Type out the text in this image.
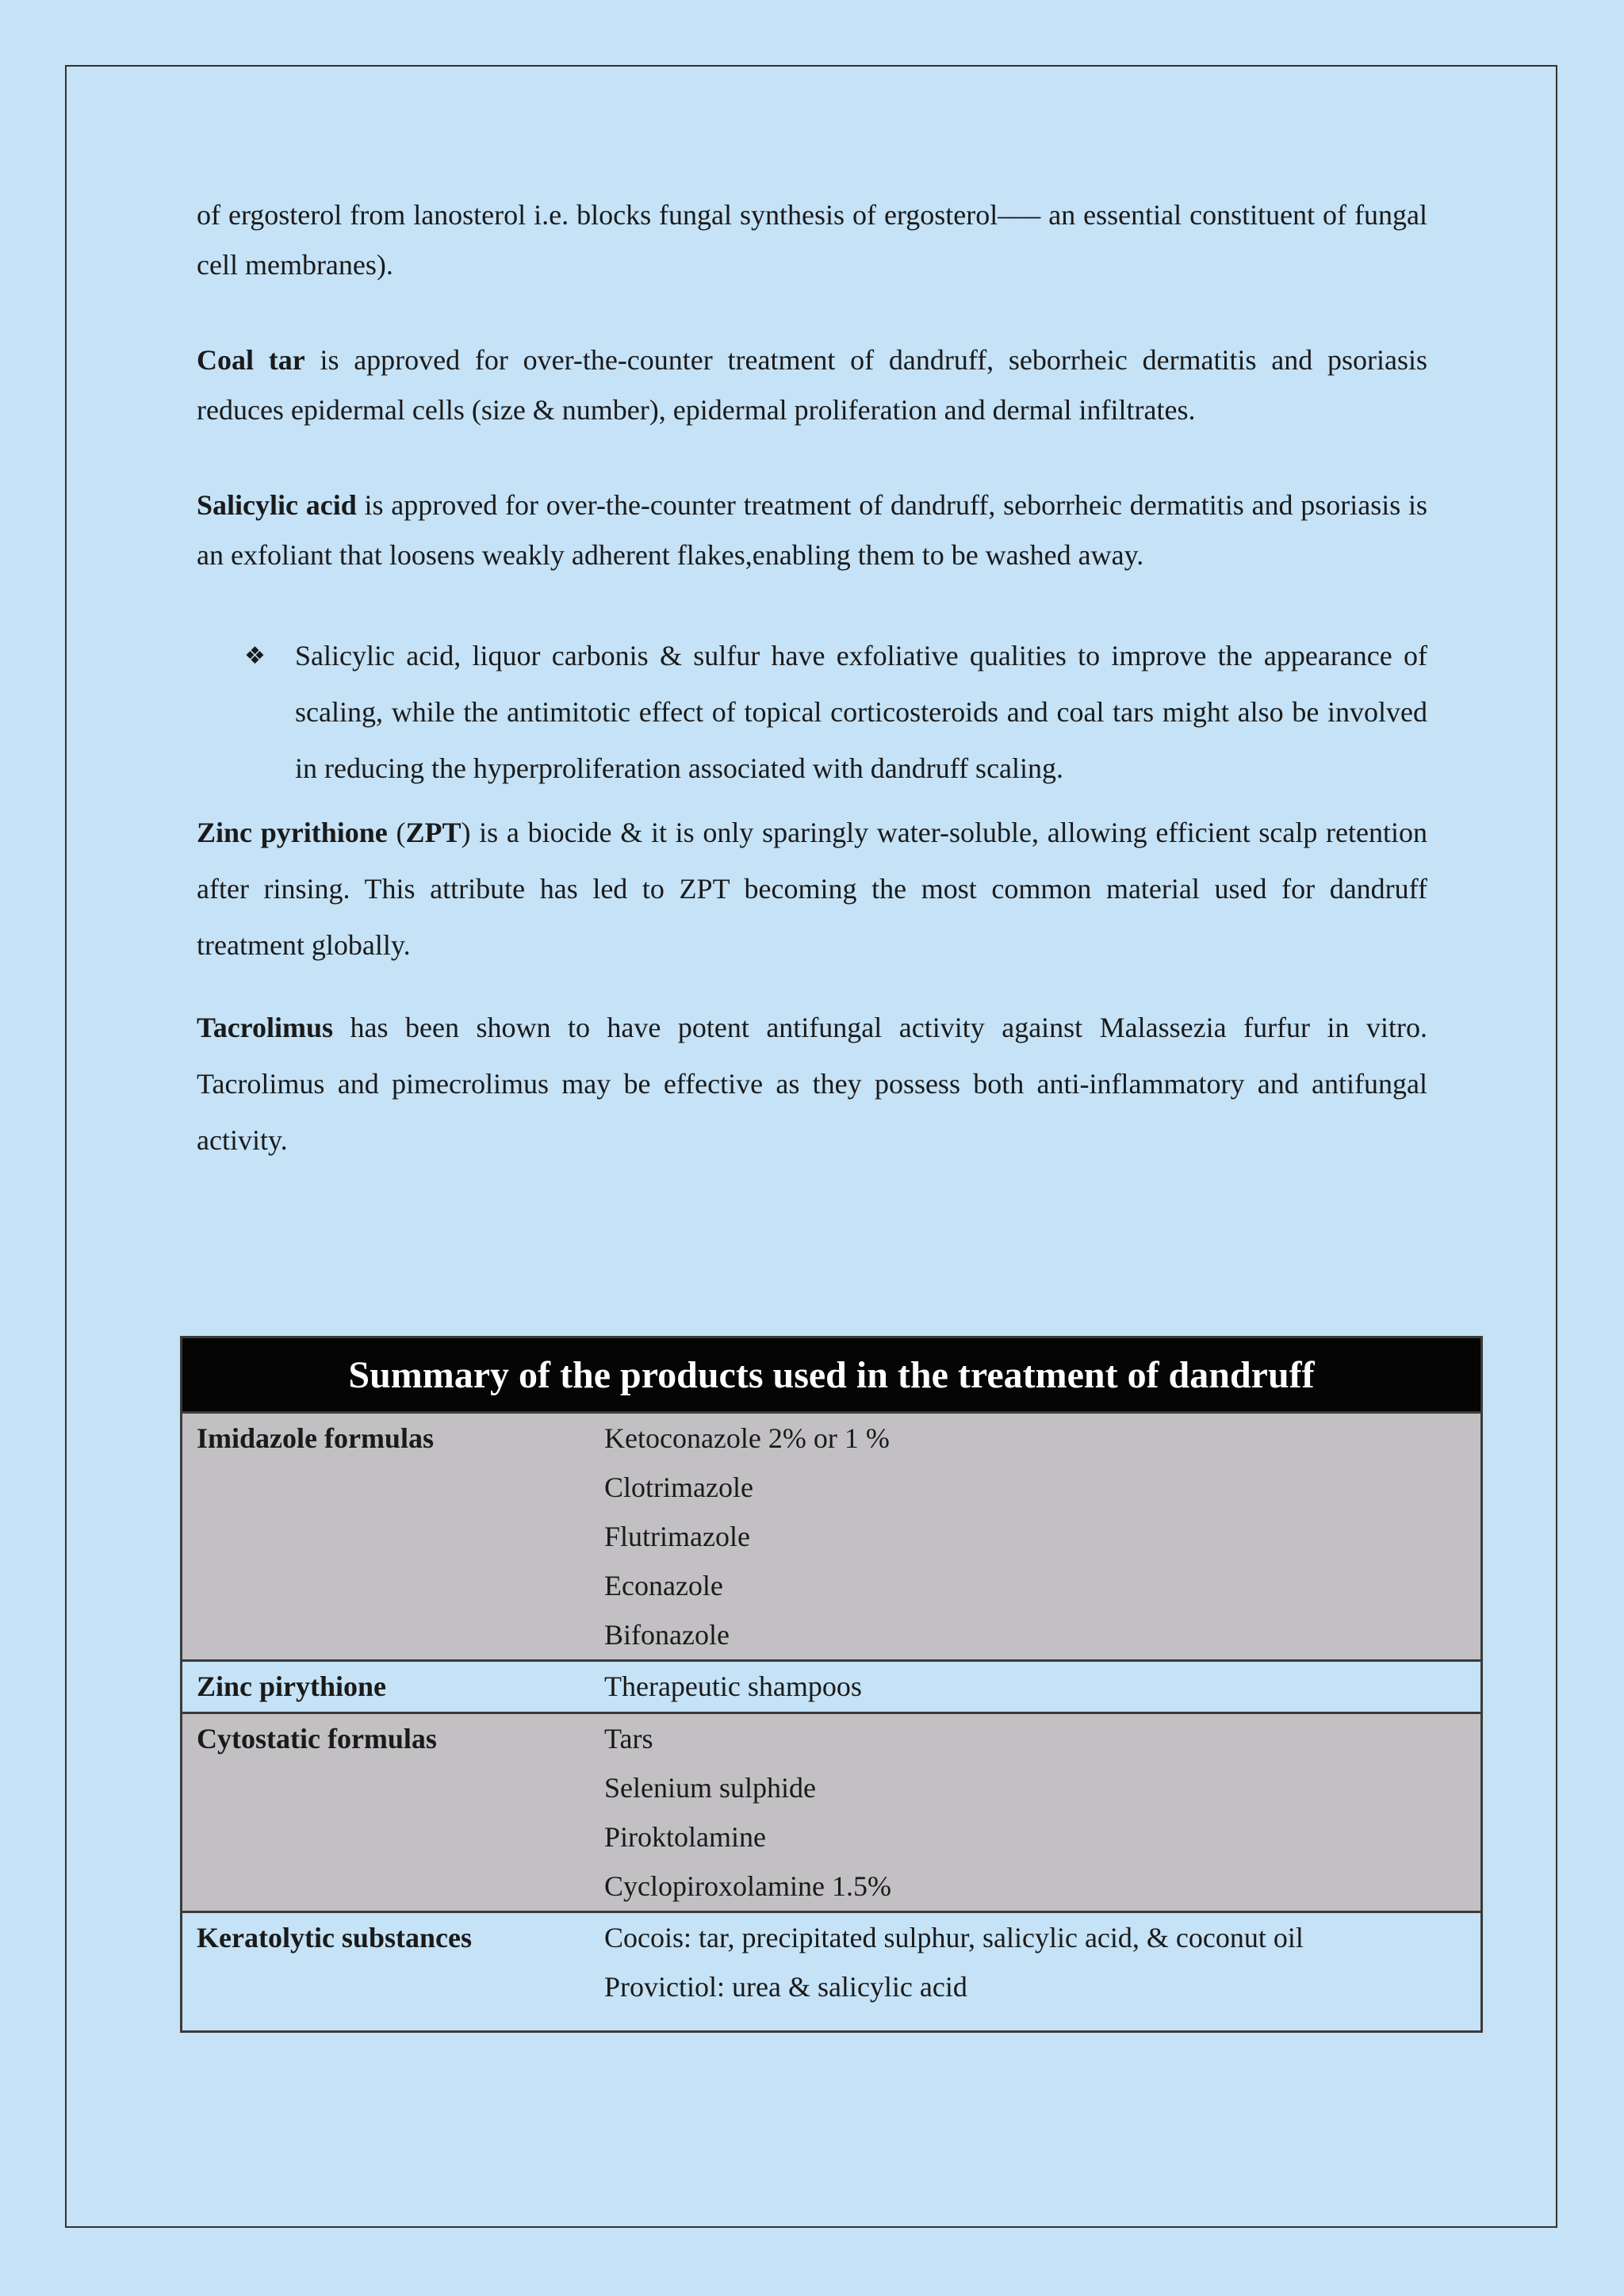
of ergosterol from lanosterol i.e. blocks fungal synthesis of ergosterol––– an essential constituent of fungal cell membranes).

Coal tar is approved for over-the-counter treatment of dandruff, seborrheic dermatitis and psoriasis reduces epidermal cells (size & number), epidermal proliferation and dermal infiltrates.

Salicylic acid is approved for over-the-counter treatment of dandruff, seborrheic dermatitis and psoriasis is an exfoliant that loosens weakly adherent flakes,enabling them to be washed away.

❖ Salicylic acid, liquor carbonis & sulfur have exfoliative qualities to improve the appearance of scaling, while the antimitotic effect of topical corticosteroids and coal tars might also be involved in reducing the hyperproliferation associated with dandruff scaling.

Zinc pyrithione (ZPT) is a biocide & it is only sparingly water-soluble, allowing efficient scalp retention after rinsing. This attribute has led to ZPT becoming the most common material used for dandruff treatment globally.

Tacrolimus has been shown to have potent antifungal activity against Malassezia furfur in vitro. Tacrolimus and pimecrolimus may be effective as they possess both anti-inflammatory and antifungal activity.

Summary of the products used in the treatment of dandruff	
Imidazole formulas	Ketoconazole 2% or 1 %
Clotrimazole
Flutrimazole
Econazole
Bifonazole

Zinc pirythione	Therapeutic shampoos

Cytostatic formulas	Tars
Selenium sulphide
Piroktolamine
Cyclopiroxolamine 1.5%

Keratolytic substances	Cocois: tar, precipitated sulphur, salicylic acid, & coconut oil
Provictiol: urea & salicylic acid
